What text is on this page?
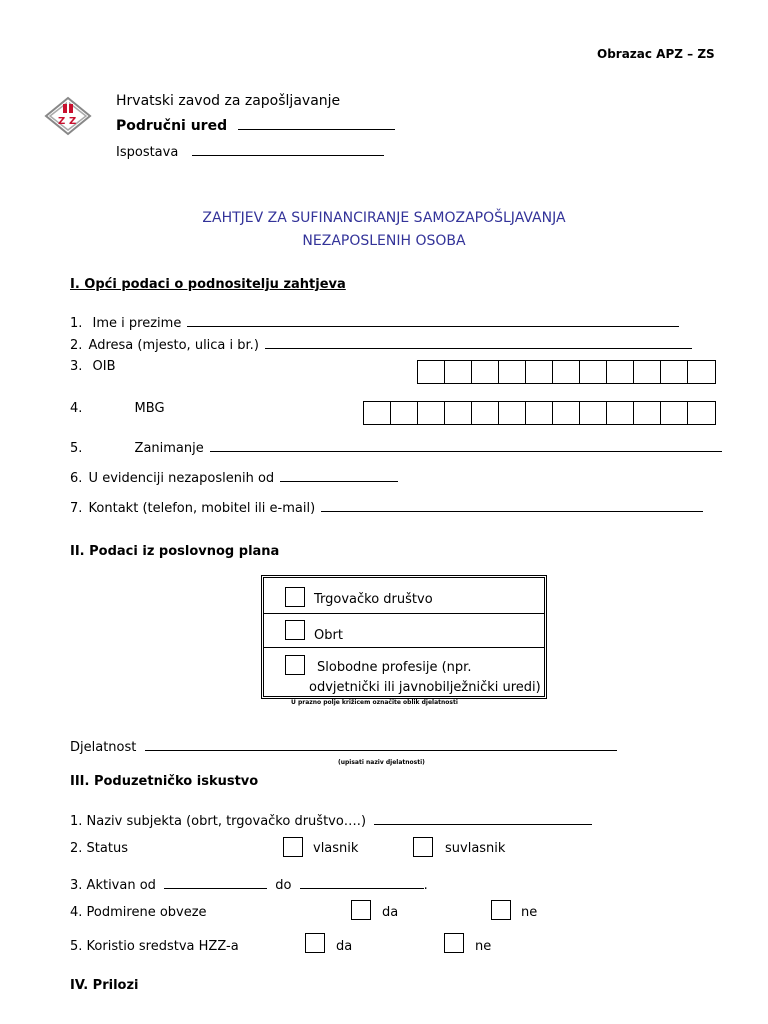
Obrazac APZ – ZS
Z Z
Hrvatski zavod za zapošljavanje
Područni ured
Ispostava
ZAHTJEV ZA SUFINANCIRANJE SAMOZAPOŠLJAVANJA
NEZAPOSLENIH OSOBA
I. Opći podaci o podnositelju zahtjeva
1. Ime i prezime
2. Adresa (mjesto, ulica i br.)
3. OIB
4.	MBG
5.	Zanimanje
6. U evidenciji nezaposlenih od
7. Kontakt (telefon, mobitel ili e-mail)
II. Podaci iz poslovnog plana
Trgovačko društvo
Obrt
Slobodne profesije (npr.
odvjetnički ili javnobilježnički uredi)
U prazno polje križicem označite oblik djelatnosti
Djelatnost
(upisati naziv djelatnosti)
III. Poduzetničko iskustvo
1. Naziv subjekta (obrt, trgovačko društvo….)
2. Status	vlasnik	suvlasnik
3. Aktivan od	do	.
4. Podmirene obveze	da	ne
5. Koristio sredstva HZZ-a	da	ne
IV. Prilozi
